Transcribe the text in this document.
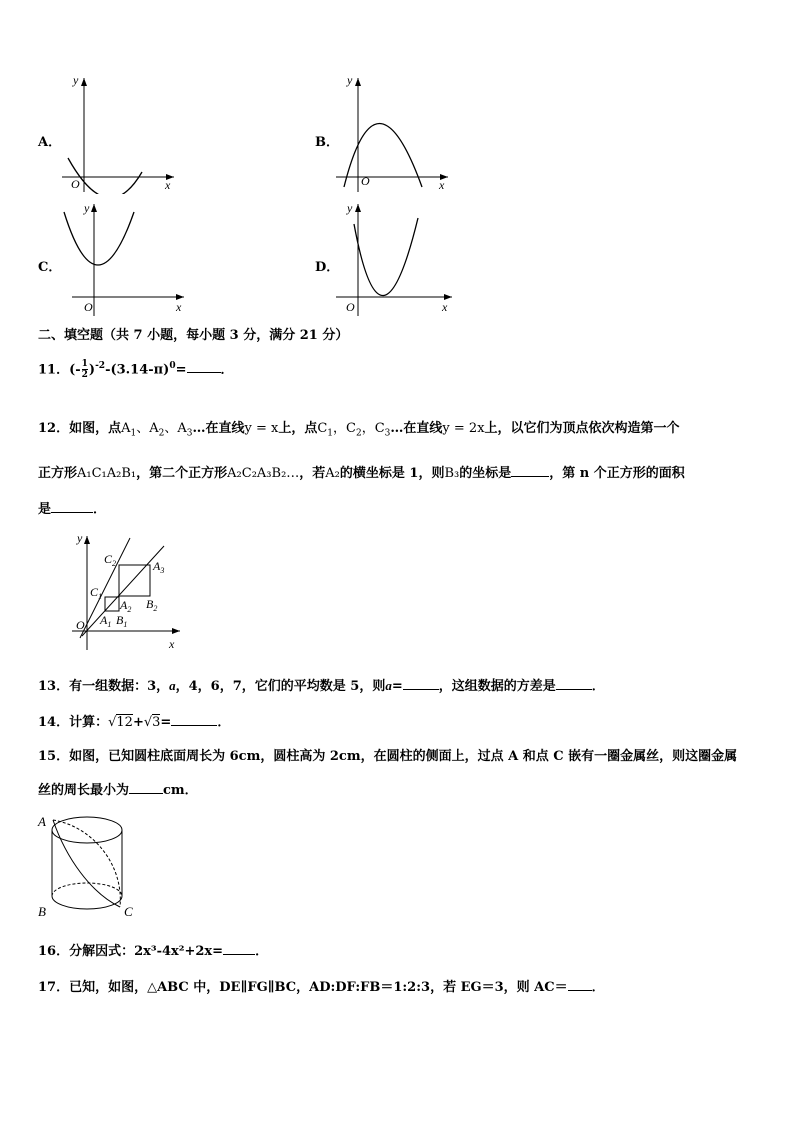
A．
y
x
O
B．
y
x
O
C．
y
x
O
D．
y
x
O
二、填空题（共 7 小题，每小题 3 分，满分 21 分）
11．(- $\frac{1}{2} )^{-2}-(3.14-\pi)^0=$	．
12．如图，点$A_1$、$A_2$、$A_3\dots$在直线y = x上，点$C_1$，$C_2$，$C_3\dots$在直线y = 2x上，以它们为顶点依次构造第一个
正方形A₁C₁A₂B₁，第二个正方形A₂C₂A₃B₂…，若A₂的横坐标是 1，则B₃的坐标是	，第 n 个正方形的面积
是	．
y
x
O
$C_2$
$C_1$
$A_3$
$A_2$
$A_1$ $B_1$
$B_2$
13．有一组数据：3，a，4，6，7，它们的平均数是 5，则a=	，这组数据的方差是	．
14．计算：√12+√3=	．
15．如图，已知圆柱底面周长为 6cm，圆柱高为 2cm，在圆柱的侧面上，过点 A 和点 C 嵌有一圈金属丝，则这圈金属
丝的周长最小为	cm．
A
B	C
16．分解因式：2x³-4x²+2x= ．
17．已知，如图，△ABC 中，DE∥FG∥BC，AD:DF:FB＝1:2:3，若 EG＝3，则 AC＝ ．
